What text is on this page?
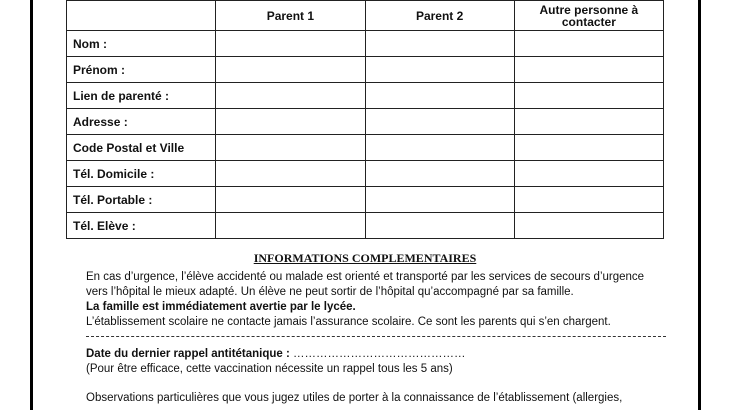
	Parent 1	Parent 2	Autre personne à contacter
Nom :			
Prénom :			
Lien de parenté :			
Adresse :			
Code Postal et Ville			
Tél. Domicile :			
Tél. Portable :			
Tél. Elève :			
INFORMATIONS COMPLEMENTAIRES
En cas d’urgence, l’élève accidenté ou malade est orienté et transporté par les services de secours d’urgence vers l’hôpital le mieux adapté. Un élève ne peut sortir de l’hôpital qu’accompagné par sa famille.
La famille est immédiatement avertie par le lycée.
L’établissement scolaire ne contacte jamais l’assurance scolaire. Ce sont les parents qui s’en chargent.
Date du dernier rappel antitétanique : ………………………………………
(Pour être efficace, cette vaccination nécessite un rappel tous les 5 ans)
Observations particulières que vous jugez utiles de porter à la connaissance de l’établissement (allergies,
